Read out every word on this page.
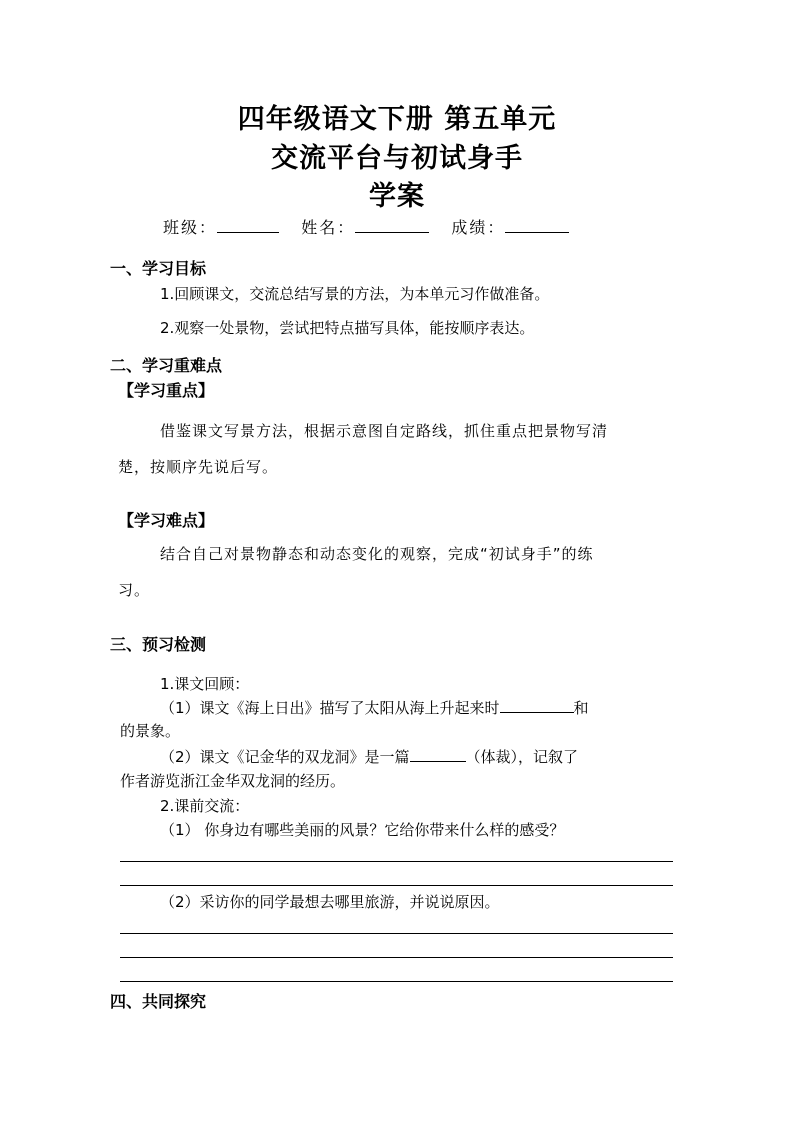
四年级语文下册 第五单元
交流平台与初试身手
学案
班级：	姓名：	成绩：
一、学习目标
1.回顾课文，交流总结写景的方法，为本单元习作做准备。
2.观察一处景物，尝试把特点描写具体，能按顺序表达。
二、学习重难点
【学习重点】
借鉴课文写景方法，根据示意图自定路线，抓住重点把景物写清
楚，按顺序先说后写。
【学习难点】
结合自己对景物静态和动态变化的观察，完成“初试身手”的练
习。
三、预习检测
1.课文回顾：
（1）课文《海上日出》描写了太阳从海上升起来时	和
的景象。
（2）课文《记金华的双龙洞》是一篇	（体裁），记叙了
作者游览浙江金华双龙洞的经历。
2.课前交流：
（1） 你身边有哪些美丽的风景？它给你带来什么样的感受？
（2）采访你的同学最想去哪里旅游，并说说原因。
四、共同探究
